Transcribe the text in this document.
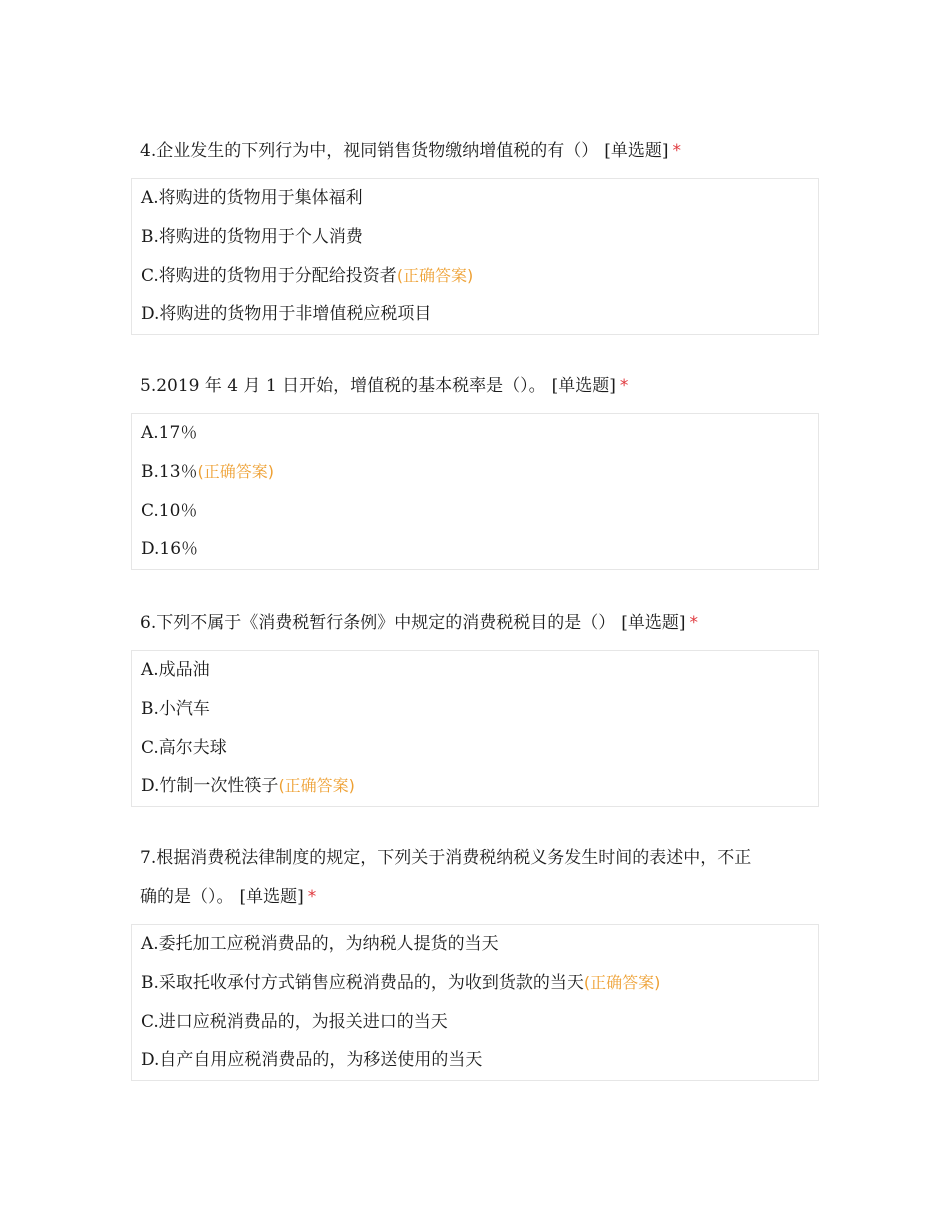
4.企业发生的下列行为中，视同销售货物缴纳增值税的有（） [单选题] *

A.将购进的货物用于集体福利
B.将购进的货物用于个人消费
C.将购进的货物用于分配给投资者(正确答案)
D.将购进的货物用于非增值税应税项目

5.2019 年 4 月 1 日开始，增值税的基本税率是（）。 [单选题] *

A.17％
B.13％(正确答案)
C.10％
D.16％

6.下列不属于《消费税暂行条例》中规定的消费税税目的是（） [单选题] *

A.成品油
B.小汽车
C.高尔夫球
D.竹制一次性筷子(正确答案)

7.根据消费税法律制度的规定，下列关于消费税纳税义务发生时间的表述中，不正
确的是（）。 [单选题] *

A.委托加工应税消费品的，为纳税人提货的当天
B.采取托收承付方式销售应税消费品的，为收到货款的当天(正确答案)
C.进口应税消费品的，为报关进口的当天
D.自产自用应税消费品的，为移送使用的当天
